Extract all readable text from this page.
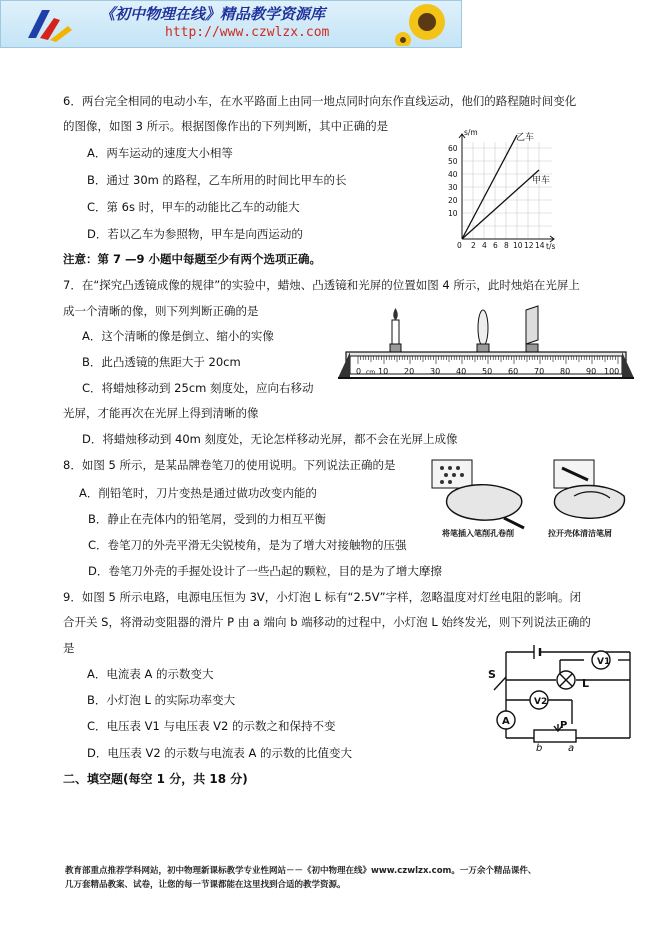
《初中物理在线》精品教学资源库
http://www.czwlzx.com
6．两台完全相同的电动小车，在水平路面上由同一地点同时向东作直线运动，他们的路程随时间变化
的图像，如图 3 所示。根据图像作出的下列判断，其中正确的是
A．两车运动的速度大小相等
B．通过 30m 的路程，乙车所用的时间比甲车的长
C．第 6s 时，甲车的动能比乙车的动能大
D．若以乙车为参照物，甲车是向西运动的
s/m
t/s
60
50
40
30
20
10
0 2 4 6 8 10 12 14
乙车
甲车
注意：第 7 —9 小题中每题至少有两个选项正确。
7．在“探究凸透镜成像的规律”的实验中，蜡烛、凸透镜和光屏的位置如图 4 所示，此时烛焰在光屏上
成一个清晰的像，则下列判断正确的是
A．这个清晰的像是倒立、缩小的实像
B．此凸透镜的焦距大于 20cm
C．将蜡烛移动到 25cm 刻度处，应向右移动
光屏，才能再次在光屏上得到清晰的像
D．将蜡烛移动到 40m 刻度处，无论怎样移动光屏，都不会在光屏上成像
0 cm 10 20 30 40 50 60 70 80 90 100
8．如图 5 所示，是某品牌卷笔刀的使用说明。下列说法正确的是
A．削铅笔时，刀片变热是通过做功改变内能的
B．静止在壳体内的铅笔屑，受到的力相互平衡
C．卷笔刀的外壳平滑无尖锐棱角，是为了增大对接触物的压强
D．卷笔刀外壳的手握处设计了一些凸起的颗粒，目的是为了增大摩擦
将笔插入笔削孔卷削	拉开壳体清洁笔屑
9．如图 5 所示电路，电源电压恒为 3V，小灯泡 L 标有“2.5V”字样，忽略温度对灯丝电阻的影响。闭
合开关 S，将滑动变阻器的滑片 P 由 a 端向 b 端移动的过程中，小灯泡 L 始终发光，则下列说法正确的
是
A．电流表 A 的示数变大
B．小灯泡 L 的实际功率变大
C．电压表 V1 与电压表 V2 的示数之和保持不变
D．电压表 V2 的示数与电流表 A 的示数的比值变大
V1
L
V2
A
S
P
b	a
二、填空题(每空 1 分，共 18 分)
教育部重点推荐学科网站，初中物理新课标教学专业性网站－－《初中物理在线》www.czwlzx.com。一万余个精品课件、
几万套精品教案、试卷，让您的每一节课都能在这里找到合适的教学资源。
